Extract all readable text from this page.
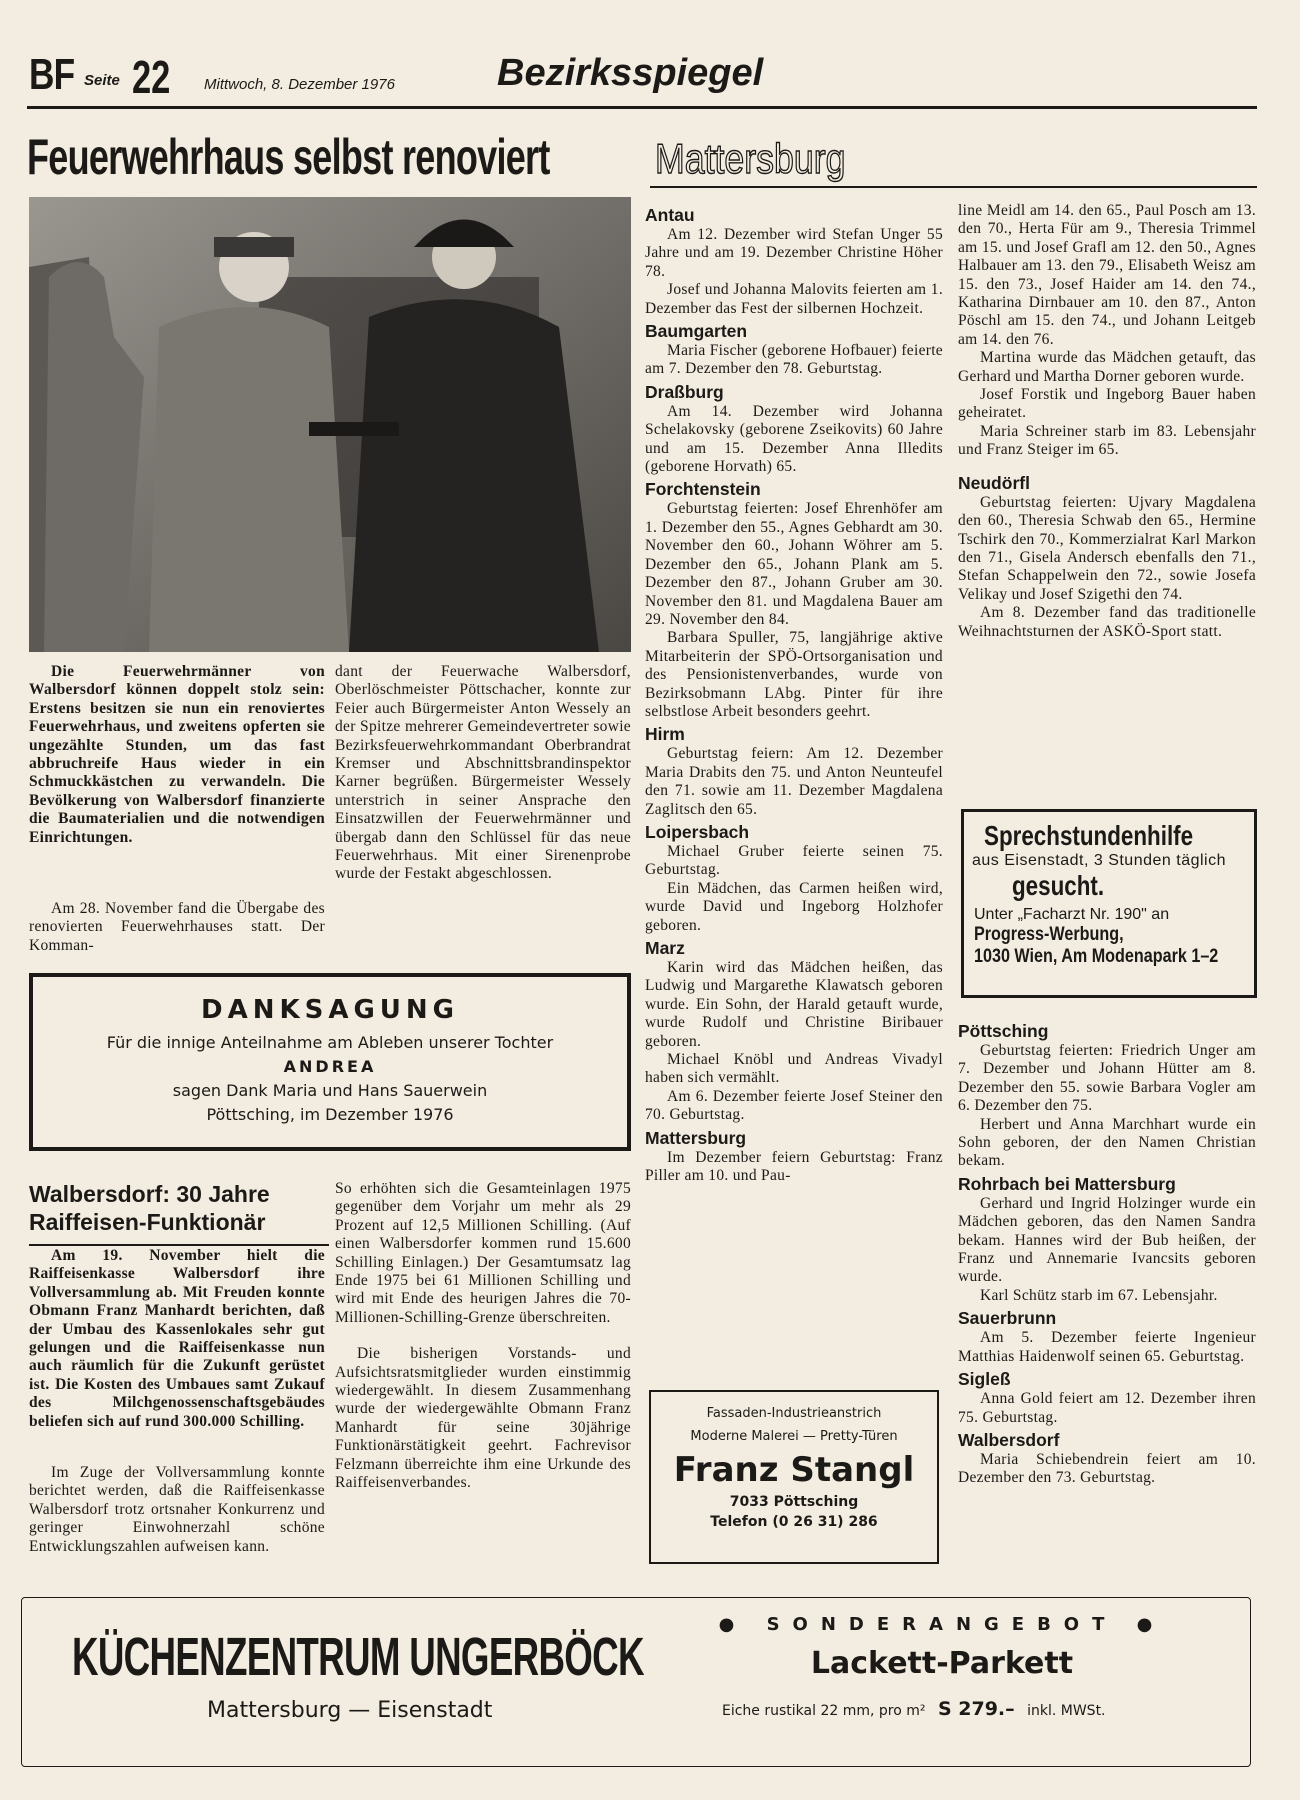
BF Seite 22 Mittwoch, 8. Dezember 1976	Bezirksspiegel
Feuerwehrhaus selbst renoviert	Mattersburg

Die Feuerwehrmänner von Walbersdorf können doppelt stolz sein: Erstens besitzen sie nun ein renoviertes Feuerwehrhaus, und zweitens opferten sie ungezählte Stunden, um das fast abbruchreife Haus wieder in ein Schmuckkästchen zu verwandeln. Die Bevölkerung von Walbersdorf finanzierte die Baumaterialien und die notwendigen Einrichtungen.

Am 28. November fand die Übergabe des renovierten Feuerwehrhauses statt. Der Komman-

dant der Feuerwache Walbersdorf, Oberlöschmeister Pöttschacher, konnte zur Feier auch Bürgermeister Anton Wessely an der Spitze mehrerer Gemeindevertreter sowie Bezirksfeuerwehrkommandant Oberbrandrat Kremser und Abschnittsbrandinspektor Karner begrüßen. Bürgermeister Wessely unterstrich in seiner Ansprache den Einsatzwillen der Feuerwehrmänner und übergab dann den Schlüssel für das neue Feuerwehrhaus. Mit einer Sirenenprobe wurde der Festakt abgeschlossen.

DANKSAGUNG
Für die innige Anteilnahme am Ableben unserer Tochter
ANDREA
sagen Dank Maria und Hans Sauerwein
Pöttsching, im Dezember 1976
Walbersdorf: 30 Jahre Raiffeisen-Funktionär

Am 19. November hielt die Raiffeisenkasse Walbersdorf ihre Vollversammlung ab. Mit Freuden konnte Obmann Franz Manhardt berichten, daß der Umbau des Kassenlokales sehr gut gelungen und die Raiffeisenkasse nun auch räumlich für die Zukunft gerüstet ist. Die Kosten des Umbaues samt Zukauf des Milchgenossenschaftsgebäudes beliefen sich auf rund 300.000 Schilling.

Im Zuge der Vollversammlung konnte berichtet werden, daß die Raiffeisenkasse Walbersdorf trotz ortsnaher Konkurrenz und geringer Einwohnerzahl schöne Entwicklungszahlen aufweisen kann.

So erhöhten sich die Gesamteinlagen 1975 gegenüber dem Vorjahr um mehr als 29 Prozent auf 12,5 Millionen Schilling. (Auf einen Walbersdorfer kommen rund 15.600 Schilling Einlagen.) Der Gesamtumsatz lag Ende 1975 bei 61 Millionen Schilling und wird mit Ende des heurigen Jahres die 70-Millionen-Schilling-Grenze überschreiten.

Die bisherigen Vorstands- und Aufsichtsratsmitglieder wurden einstimmig wiedergewählt. In diesem Zusammenhang wurde der wiedergewählte Obmann Franz Manhardt für seine 30jährige Funktionärstätigkeit geehrt. Fachrevisor Felzmann überreichte ihm eine Urkunde des Raiffeisenverbandes.

Antau

Am 12. Dezember wird Stefan Unger 55 Jahre und am 19. Dezember Christine Höher 78.

Josef und Johanna Malovits feierten am 1. Dezember das Fest der silbernen Hochzeit.

Baumgarten

Maria Fischer (geborene Hofbauer) feierte am 7. Dezember den 78. Geburtstag.

Draßburg

Am 14. Dezember wird Johanna Schelakovsky (geborene Zseikovits) 60 Jahre und am 15. Dezember Anna Illedits (geborene Horvath) 65.

Forchtenstein

Geburtstag feierten: Josef Ehrenhöfer am 1. Dezember den 55., Agnes Gebhardt am 30. November den 60., Johann Wöhrer am 5. Dezember den 65., Johann Plank am 5. Dezember den 87., Johann Gruber am 30. November den 81. und Magdalena Bauer am 29. November den 84.

Barbara Spuller, 75, langjährige aktive Mitarbeiterin der SPÖ-Ortsorganisation und des Pensionistenverbandes, wurde von Bezirksobmann LAbg. Pinter für ihre selbstlose Arbeit besonders geehrt.

Hirm

Geburtstag feiern: Am 12. Dezember Maria Drabits den 75. und Anton Neunteufel den 71. sowie am 11. Dezember Magdalena Zaglitsch den 65.

Loipersbach

Michael Gruber feierte seinen 75. Geburtstag.

Ein Mädchen, das Carmen heißen wird, wurde David und Ingeborg Holzhofer geboren.

Marz

Karin wird das Mädchen heißen, das Ludwig und Margarethe Klawatsch geboren wurde. Ein Sohn, der Harald getauft wurde, wurde Rudolf und Christine Biribauer geboren.

Michael Knöbl und Andreas Vivadyl haben sich vermählt.

Am 6. Dezember feierte Josef Steiner den 70. Geburtstag.

Mattersburg

Im Dezember feiern Geburtstag: Franz Piller am 10. und Pau-

Fassaden-Industrieanstrich
Moderne Malerei — Pretty-Türen
Franz Stangl
7033 Pöttsching
Telefon (0 26 31) 286

line Meidl am 14. den 65., Paul Posch am 13. den 70., Herta Für am 9., Theresia Trimmel am 15. und Josef Grafl am 12. den 50., Agnes Halbauer am 13. den 79., Elisabeth Weisz am 15. den 73., Josef Haider am 14. den 74., Katharina Dirnbauer am 10. den 87., Anton Pöschl am 15. den 74., und Johann Leitgeb am 14. den 76.

Martina wurde das Mädchen getauft, das Gerhard und Martha Dorner geboren wurde.

Josef Forstik und Ingeborg Bauer haben geheiratet.

Maria Schreiner starb im 83. Lebensjahr und Franz Steiger im 65.

Neudörfl

Geburtstag feierten: Ujvary Magdalena den 60., Theresia Schwab den 65., Hermine Tschirk den 70., Kommerzialrat Karl Markon den 71., Gisela Andersch ebenfalls den 71., Stefan Schappelwein den 72., sowie Josefa Velikay und Josef Szigethi den 74.

Am 8. Dezember fand das traditionelle Weihnachtsturnen der ASKÖ-Sport statt.

Sprechstundenhilfe
aus Eisenstadt, 3 Stunden täglich
gesucht.
Unter „Facharzt Nr. 190" an
Progress-Werbung,
1030 Wien, Am Modenapark 1–2
Pöttsching

Geburtstag feierten: Friedrich Unger am 7. Dezember und Johann Hütter am 8. Dezember den 55. sowie Barbara Vogler am 6. Dezember den 75.

Herbert und Anna Marchhart wurde ein Sohn geboren, der den Namen Christian bekam.

Rohrbach bei Mattersburg

Gerhard und Ingrid Holzinger wurde ein Mädchen geboren, das den Namen Sandra bekam. Hannes wird der Bub heißen, der Franz und Annemarie Ivancsits geboren wurde.

Karl Schütz starb im 67. Lebensjahr.

Sauerbrunn

Am 5. Dezember feierte Ingenieur Matthias Haidenwolf seinen 65. Geburtstag.

Sigleß

Anna Gold feiert am 12. Dezember ihren 75. Geburtstag.

Walbersdorf

Maria Schiebendrein feiert am 10. Dezember den 73. Geburtstag.

KÜCHENZENTRUM UNGERBÖCK
Mattersburg — Eisenstadt
● SONDERANGEBOT ●
Lackett-Parkett
Eiche rustikal 22 mm, pro m² S 279.– inkl. MWSt.
